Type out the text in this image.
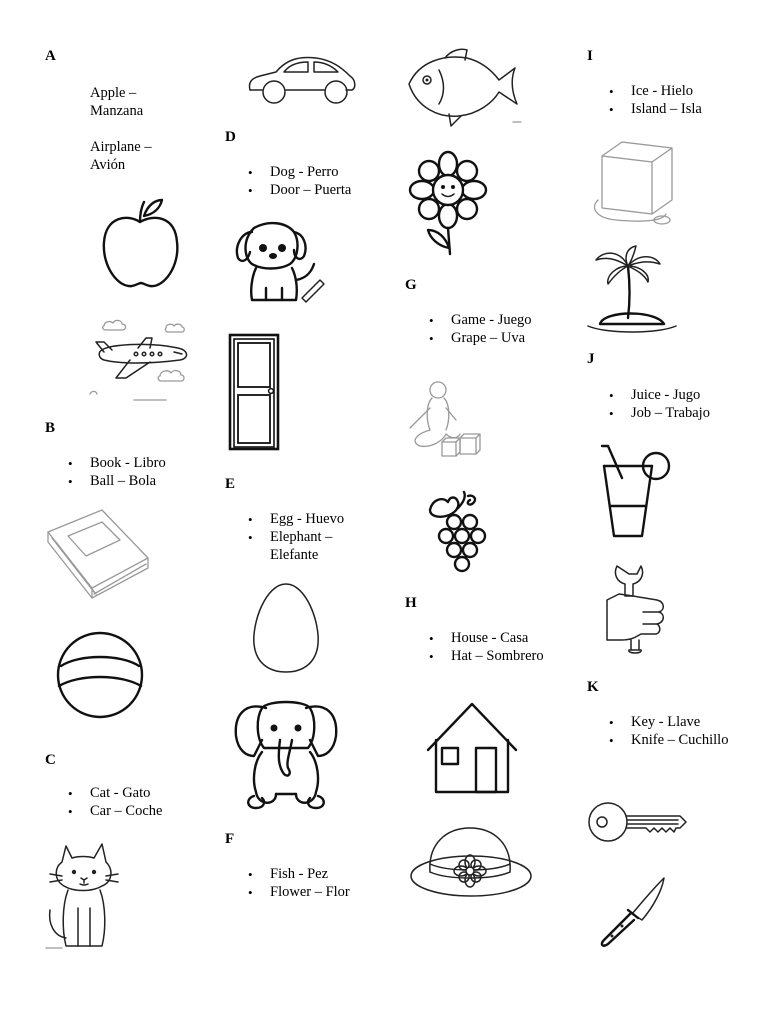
A
Apple – Manzana
Airplane – Avión
B
• Book - Libro
• Ball – Bola
C
• Cat - Gato
• Car – Coche
D
• Dog - Perro
• Door – Puerta
E
• Egg - Huevo
• Elephant – Elefante
F
• Fish - Pez
• Flower – Flor
G
• Game - Juego
• Grape – Uva
H
• House - Casa
• Hat – Sombrero
I
• Ice - Hielo
• Island – Isla
J
• Juice - Jugo
• Job – Trabajo
K
• Key - Llave
• Knife – Cuchillo
